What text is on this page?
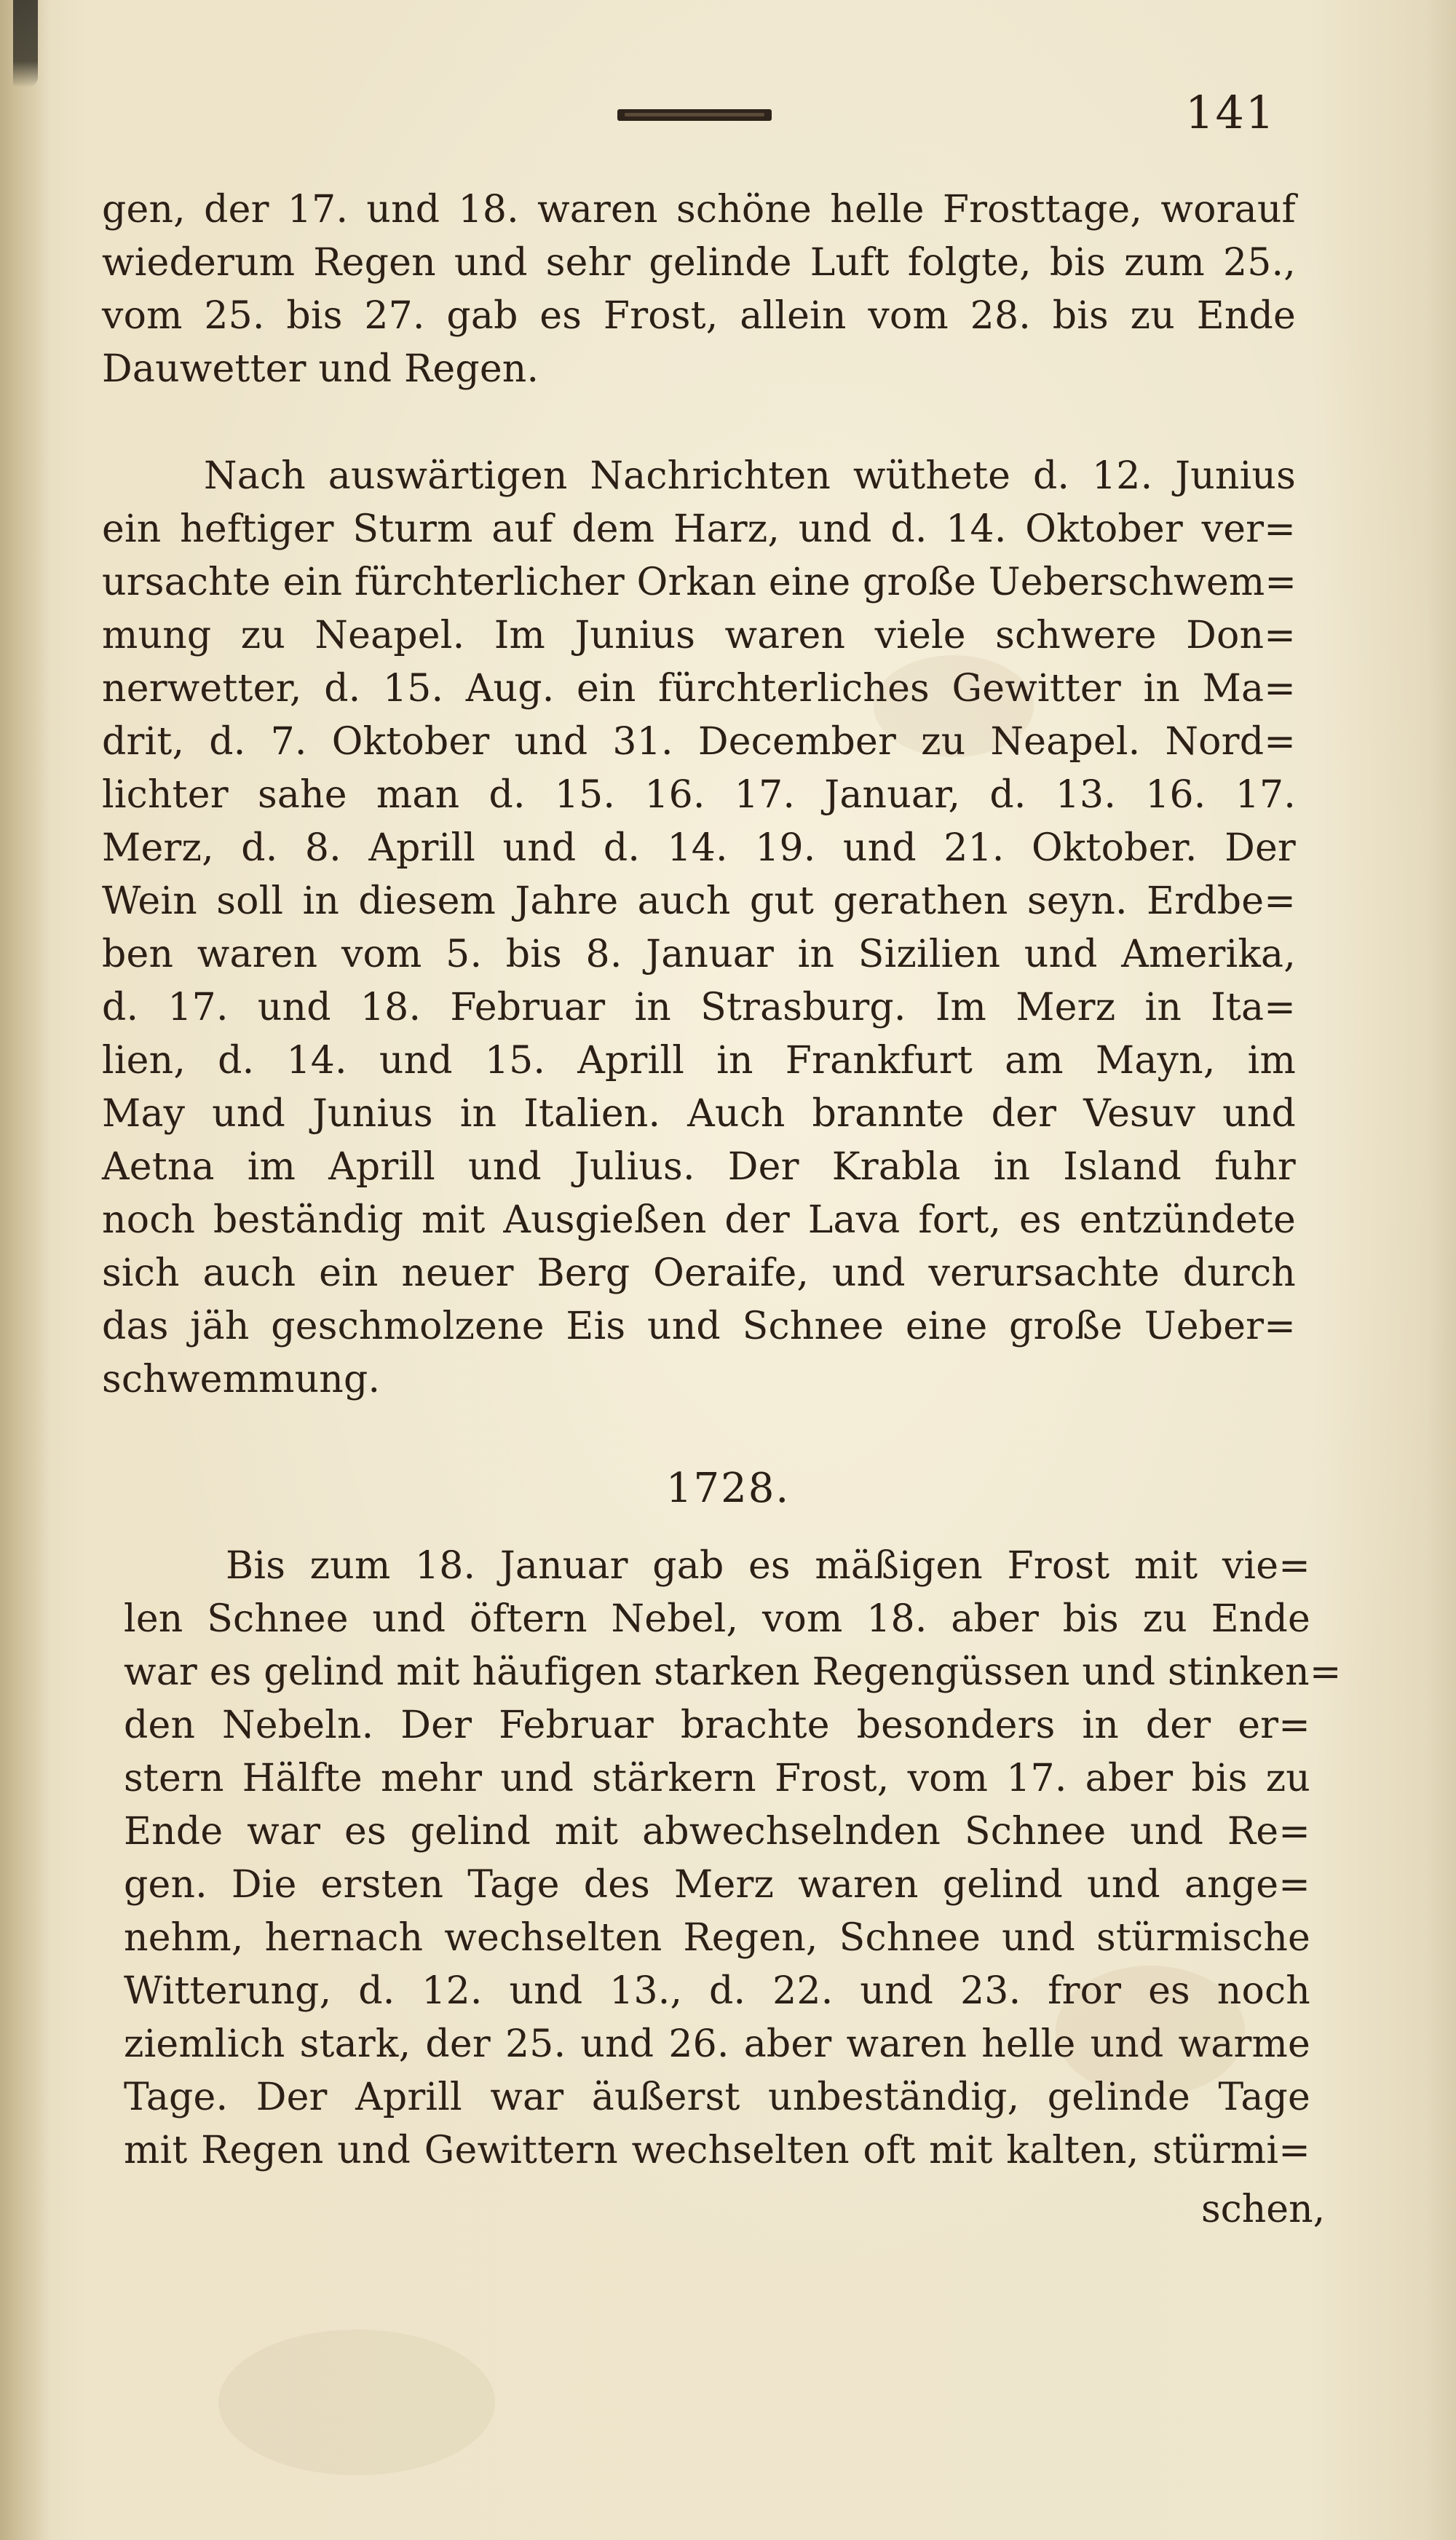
141
gen, der 17. und 18. waren schöne helle Frosttage, worauf
wiederum Regen und sehr gelinde Luft folgte, bis zum 25.,
vom 25. bis 27. gab es Frost, allein vom 28. bis zu Ende
Dauwetter und Regen.
Nach auswärtigen Nachrichten wüthete d. 12. Junius
ein heftiger Sturm auf dem Harz, und d. 14. Oktober ver=
ursachte ein fürchterlicher Orkan eine große Ueberschwem=
mung zu Neapel. Im Junius waren viele schwere Don=
nerwetter, d. 15. Aug. ein fürchterliches Gewitter in Ma=
drit, d. 7. Oktober und 31. December zu Neapel. Nord=
lichter sahe man d. 15. 16. 17. Januar, d. 13. 16. 17.
Merz, d. 8. Aprill und d. 14. 19. und 21. Oktober. Der
Wein soll in diesem Jahre auch gut gerathen seyn. Erdbe=
ben waren vom 5. bis 8. Januar in Sizilien und Amerika,
d. 17. und 18. Februar in Strasburg. Im Merz in Ita=
lien, d. 14. und 15. Aprill in Frankfurt am Mayn, im
May und Junius in Italien. Auch brannte der Vesuv und
Aetna im Aprill und Julius. Der Krabla in Island fuhr
noch beständig mit Ausgießen der Lava fort, es entzündete
sich auch ein neuer Berg Oeraife, und verursachte durch
das jäh geschmolzene Eis und Schnee eine große Ueber=
schwemmung.
1728.
Bis zum 18. Januar gab es mäßigen Frost mit vie=
len Schnee und öftern Nebel, vom 18. aber bis zu Ende
war es gelind mit häufigen starken Regengüssen und stinken=
den Nebeln. Der Februar brachte besonders in der er=
stern Hälfte mehr und stärkern Frost, vom 17. aber bis zu
Ende war es gelind mit abwechselnden Schnee und Re=
gen. Die ersten Tage des Merz waren gelind und ange=
nehm, hernach wechselten Regen, Schnee und stürmische
Witterung, d. 12. und 13., d. 22. und 23. fror es noch
ziemlich stark, der 25. und 26. aber waren helle und warme
Tage. Der Aprill war äußerst unbeständig, gelinde Tage
mit Regen und Gewittern wechselten oft mit kalten, stürmi=
schen,
